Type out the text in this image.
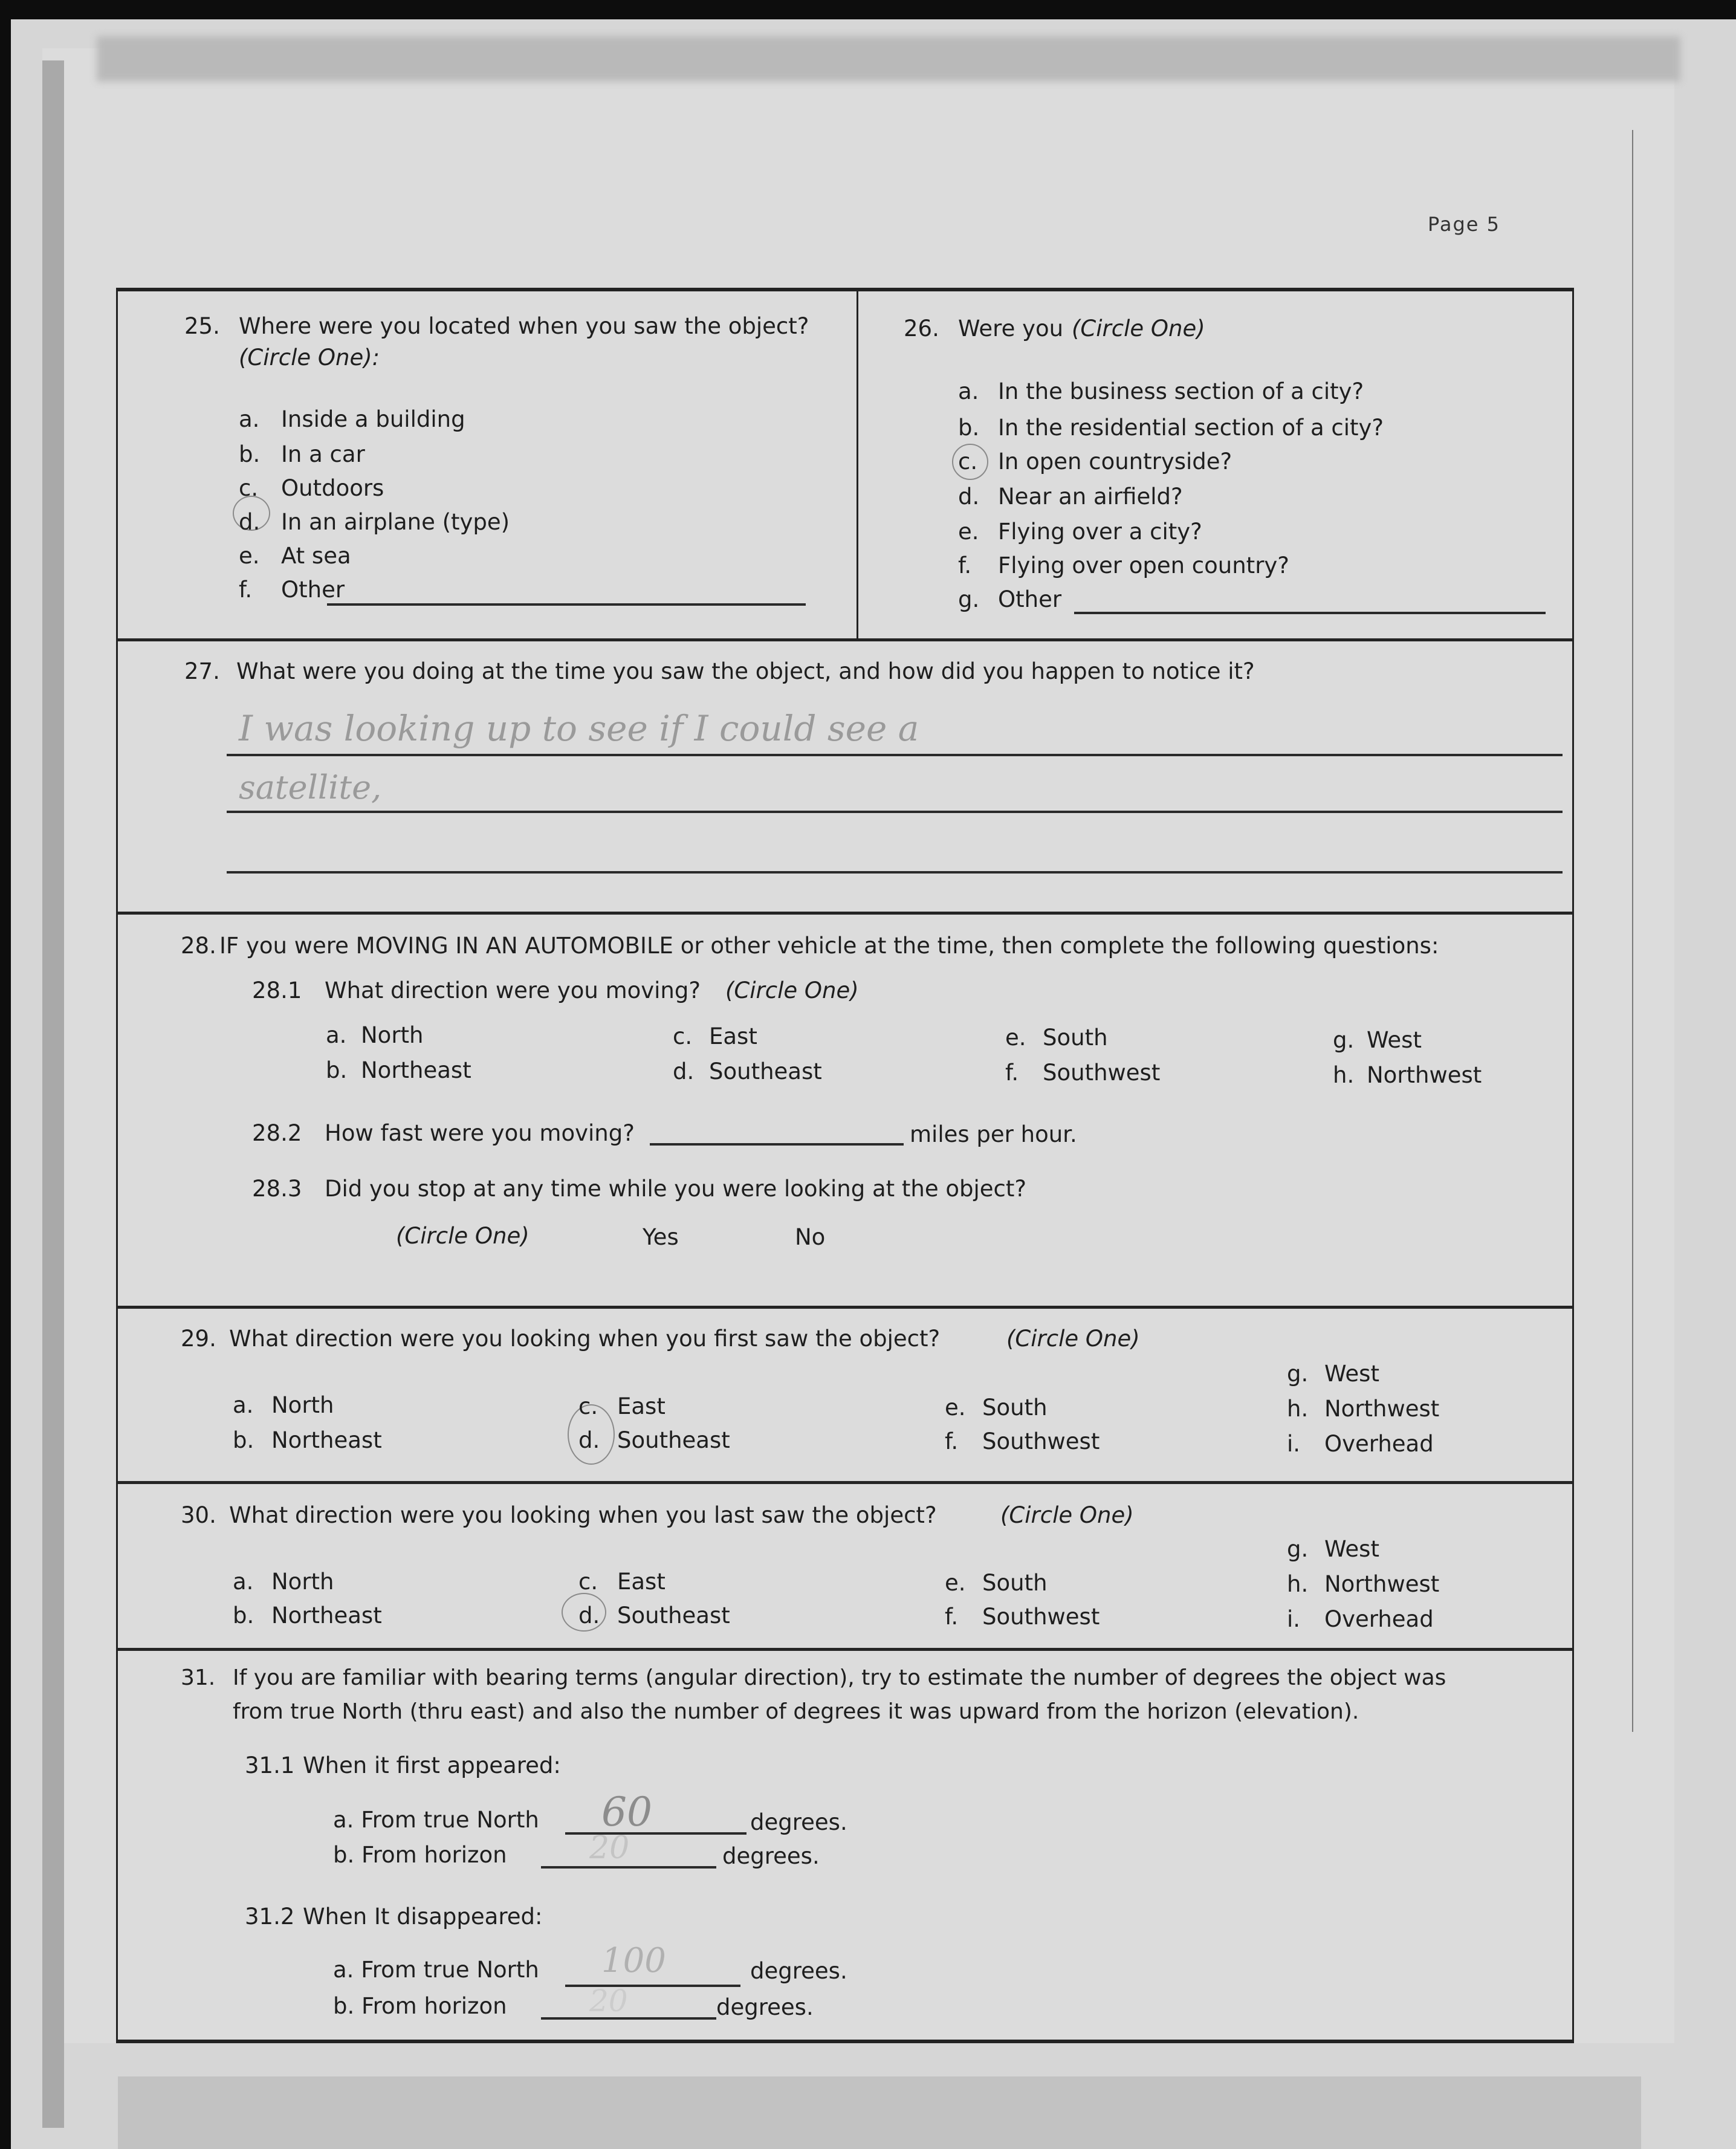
Page 5
25. Where were you located when you saw the object?
(Circle One):
a. Inside a building
b. In a car
c. Outdoors
d. In an airplane (type)
e. At sea
f. Other
26. Were you (Circle One)
a. In the business section of a city?
b. In the residential section of a city?
c. In open countryside?
d. Near an airfield?
e. Flying over a city?
f. Flying over open country?
g. Other
27. What were you doing at the time you saw the object, and how did you happen to notice it?
I was looking up to see if I could see a
satellite,
28. IF you were MOVING IN AN AUTOMOBILE or other vehicle at the time, then complete the following questions:
28.1 What direction were you moving? (Circle One)
a. North
b. Northeast
c. East
d. Southeast
e. South
f. Southwest
g. West
h. Northwest
28.2 How fast were you moving?	miles per hour.
28.3 Did you stop at any time while you were looking at the object?
(Circle One)	Yes	No
29. What direction were you looking when you first saw the object?	(Circle One)
a. North
b. Northeast
c. East
d. Southeast
e. South
f. Southwest
g. West
h. Northwest
i. Overhead
30. What direction were you looking when you last saw the object?	(Circle One)
a. North
b. Northeast
c. East
d. Southeast
e. South
f. Southwest
g. West
h. Northwest
i. Overhead
31. If you are familiar with bearing terms (angular direction), try to estimate the number of degrees the object was
from true North (thru east) and also the number of degrees it was upward from the horizon (elevation).
31.1 When it first appeared:
a. From true North 60	degrees.
b. From horizon	20	degrees.
31.2 When It disappeared:
a. From true North 100	degrees.
b. From horizon	20	degrees.
